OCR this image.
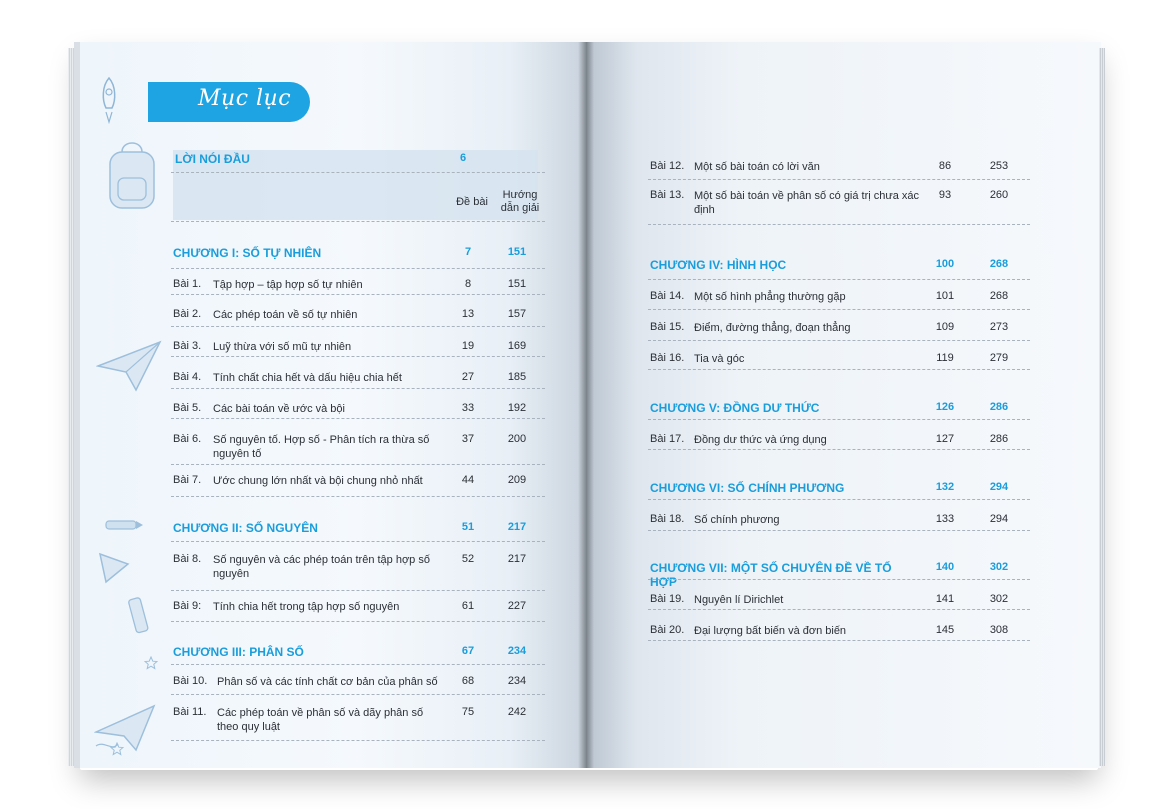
Mục lục
LỜI NÓI ĐẦU	6
Đề bài
Hướng
dẫn giải
CHƯƠNG I: SỐ TỰ NHIÊN	7	151
Bài 1.	Tập hợp – tập hợp số tự nhiên	8	151
Bài 2.	Các phép toán về số tự nhiên	13	157
Bài 3.	Luỹ thừa với số mũ tự nhiên	19	169
Bài 4.	Tính chất chia hết và dấu hiệu chia hết	27	185
Bài 5.	Các bài toán về ước và bội	33	192
Bài 6.	Số nguyên tố. Hợp số - Phân tích ra thừa số nguyên tố
37	200
Bài 7.	Ước chung lớn nhất và bội chung nhỏ nhất	44	209
CHƯƠNG II: SỐ NGUYÊN	51	217
Bài 8.	Số nguyên và các phép toán trên tập hợp số nguyên
52	217
Bài 9:	Tính chia hết trong tập hợp số nguyên	61	227
CHƯƠNG III: PHÂN SỐ	67	234
Bài 10. Phân số và các tính chất cơ bản của phân số	68	234
Bài 11. Các phép toán về phân số và dãy phân số theo quy luật
75	242
Bài 12. Một số bài toán có lời văn	86	253
Bài 13. Một số bài toán về phân số có giá trị chưa xác định
93	260
CHƯƠNG IV: HÌNH HỌC	100	268
Bài 14. Một số hình phẳng thường gặp	101	268
Bài 15. Điểm, đường thẳng, đoạn thẳng	109	273
Bài 16. Tia và góc	119	279
CHƯƠNG V: ĐỒNG DƯ THỨC	126	286
Bài 17. Đồng dư thức và ứng dụng	127	286
CHƯƠNG VI: SỐ CHÍNH PHƯƠNG	132	294
Bài 18. Số chính phương	133	294
CHƯƠNG VII: MỘT SỐ CHUYÊN ĐỀ VỀ TỔ HỢP
140	302
Bài 19. Nguyên lí Dirichlet	141	302
Bài 20. Đại lượng bất biến và đơn biến	145	308
